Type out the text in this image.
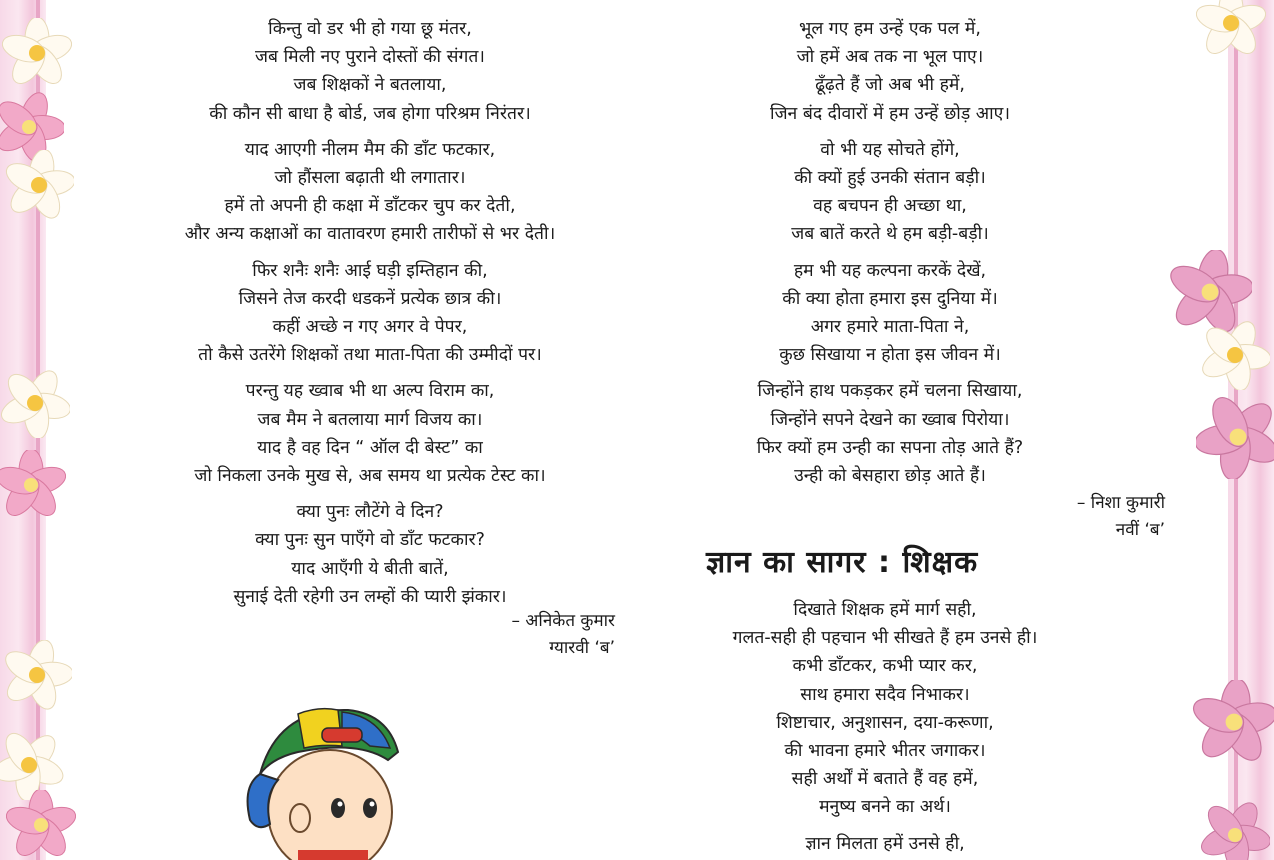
किन्तु वो डर भी हो गया छू मंतर,

जब मिली नए पुराने दोस्तों की संगत।

जब शिक्षकों ने बतलाया,

की कौन सी बाधा है बोर्ड, जब होगा परिश्रम निरंतर।

याद आएगी नीलम मैम की डाँट फटकार,

जो हौंसला बढ़ाती थी लगातार।

हमें तो अपनी ही कक्षा में डाँटकर चुप कर देती,

और अन्य कक्षाओं का वातावरण हमारी तारीफों से भर देती।

फिर शनैः शनैः आई घड़ी इम्तिहान की,

जिसने तेज करदी धडकनें प्रत्येक छात्र की।

कहीं अच्छे न गए अगर वे पेपर,

तो कैसे उतरेंगे शिक्षकों तथा माता-पिता की उम्मीदों पर।

परन्तु यह ख्वाब भी था अल्प विराम का,

जब मैम ने बतलाया मार्ग विजय का।

याद है वह दिन “ ऑल दी बेस्ट” का

जो निकला उनके मुख से, अब समय था प्रत्येक टेस्ट का।

क्या पुनः लौटेंगे वे दिन?

क्या पुनः सुन पाएँगे वो डाँट फटकार?

याद आएँगी ये बीती बातें,

सुनाई देती रहेगी उन लम्हों की प्यारी झंकार।

– अनिकेत कुमार
ग्यारवी ‘ब’

भूल गए हम उन्हें एक पल में,

जो हमें अब तक ना भूल पाए।

ढूँढ़ते हैं जो अब भी हमें,

जिन बंद दीवारों में हम उन्हें छोड़ आए।

वो भी यह सोचते होंगे,

की क्यों हुई उनकी संतान बड़ी।

वह बचपन ही अच्छा था,

जब बातें करते थे हम बड़ी-बड़ी।

हम भी यह कल्पना करकें देखें,

की क्या होता हमारा इस दुनिया में।

अगर हमारे माता-पिता ने,

कुछ सिखाया न होता इस जीवन में।

जिन्होंने हाथ पकड़कर हमें चलना सिखाया,

जिन्होंने सपने देखने का ख्वाब पिरोया।

फिर क्यों हम उन्ही का सपना तोड़ आते हैं?

उन्ही को बेसहारा छोड़ आते हैं।

– निशा कुमारी
नवीं ‘ब’
ज्ञान का सागर : शिक्षक

दिखाते शिक्षक हमें मार्ग सही,

गलत-सही ही पहचान भी सीखते हैं हम उनसे ही।

कभी डाँटकर, कभी प्यार कर,

साथ हमारा सदैव निभाकर।

शिष्टाचार, अनुशासन, दया-करूणा,

की भावना हमारे भीतर जगाकर।

सही अर्थों में बताते हैं वह हमें,

मनुष्य बनने का अर्थ।

ज्ञान मिलता हमें उनसे ही,
